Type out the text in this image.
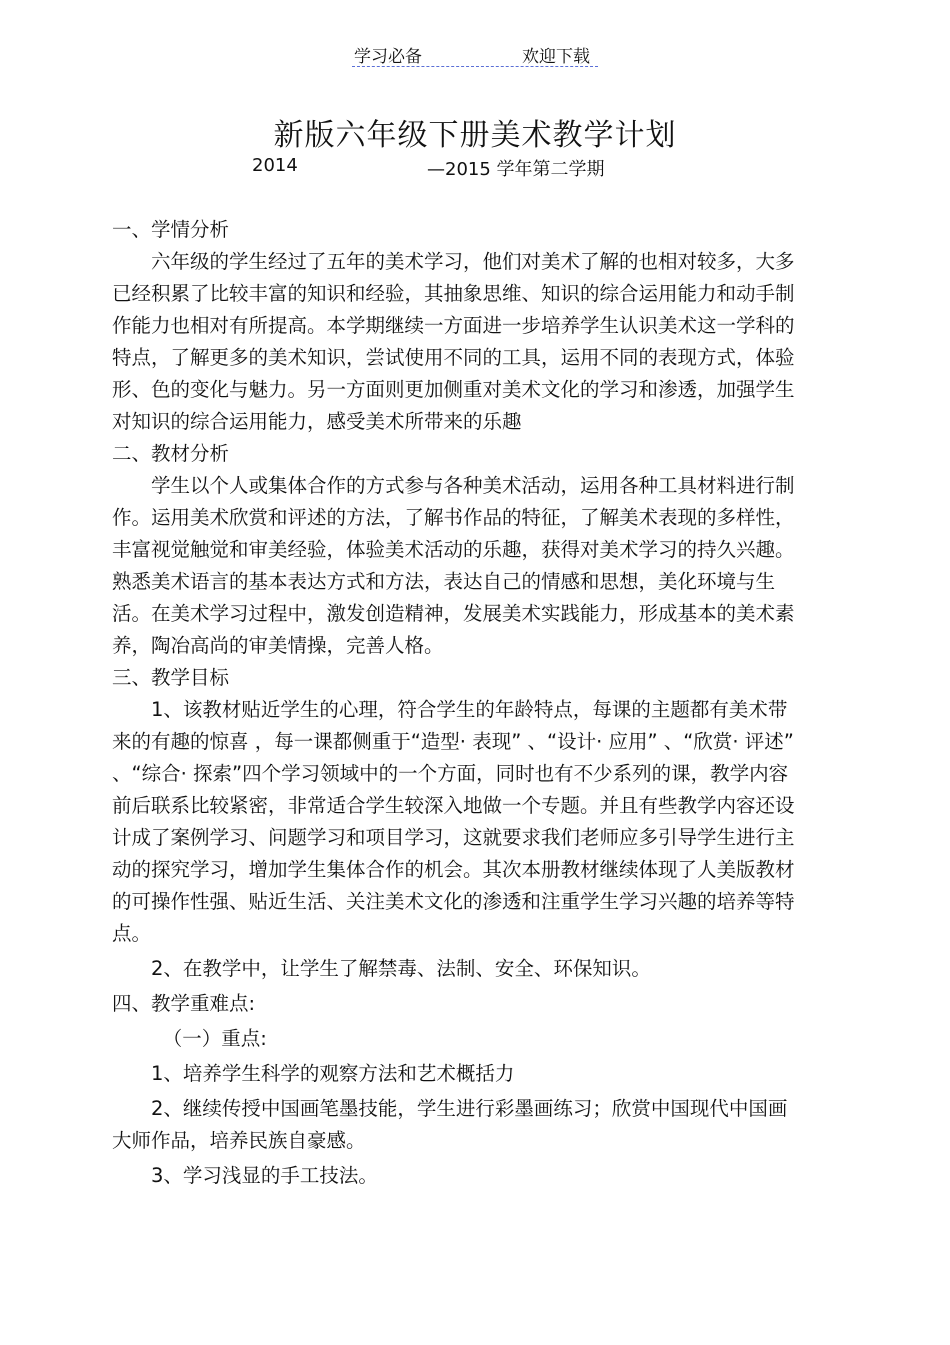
学习必备	欢迎下载
新版六年级下册美术教学计划
2014	—2015 学年第二学期

一、学情分析

六年级的学生经过了五年的美术学习，他们对美术了解的也相对较多，大多已经积累了比较丰富的知识和经验，其抽象思维、知识的综合运用能力和动手制作能力也相对有所提高。本学期继续一方面进一步培养学生认识美术这一学科的特点，了解更多的美术知识，尝试使用不同的工具，运用不同的表现方式，体验形、色的变化与魅力。另一方面则更加侧重对美术文化的学习和渗透，加强学生对知识的综合运用能力，感受美术所带来的乐趣

二、教材分析

学生以个人或集体合作的方式参与各种美术活动，运用各种工具材料进行制作。运用美术欣赏和评述的方法，了解书作品的特征，了解美术表现的多样性，丰富视觉触觉和审美经验，体验美术活动的乐趣，获得对美术学习的持久兴趣。熟悉美术语言的基本表达方式和方法，表达自己的情感和思想，美化环境与生活。在美术学习过程中，激发创造精神，发展美术实践能力，形成基本的美术素养，陶冶高尚的审美情操，完善人格。

三、教学目标

1、该教材贴近学生的心理，符合学生的年龄特点，每课的主题都有美术带来的有趣的惊喜 ，每一课都侧重于“造型· 表现” 、“设计· 应用” 、“欣赏· 评述” 、“综合· 探索”四个学习领域中的一个方面，同时也有不少系列的课，教学内容前后联系比较紧密，非常适合学生较深入地做一个专题。并且有些教学内容还设计成了案例学习、问题学习和项目学习，这就要求我们老师应多引导学生进行主动的探究学习，增加学生集体合作的机会。其次本册教材继续体现了人美版教材的可操作性强、贴近生活、关注美术文化的渗透和注重学生学习兴趣的培养等特点。

2、在教学中，让学生了解禁毒、法制、安全、环保知识。

四、教学重难点:

（一）重点:

1、培养学生科学的观察方法和艺术概括力

2、继续传授中国画笔墨技能，学生进行彩墨画练习；欣赏中国现代中国画大师作品，培养民族自豪感。

3、学习浅显的手工技法。
